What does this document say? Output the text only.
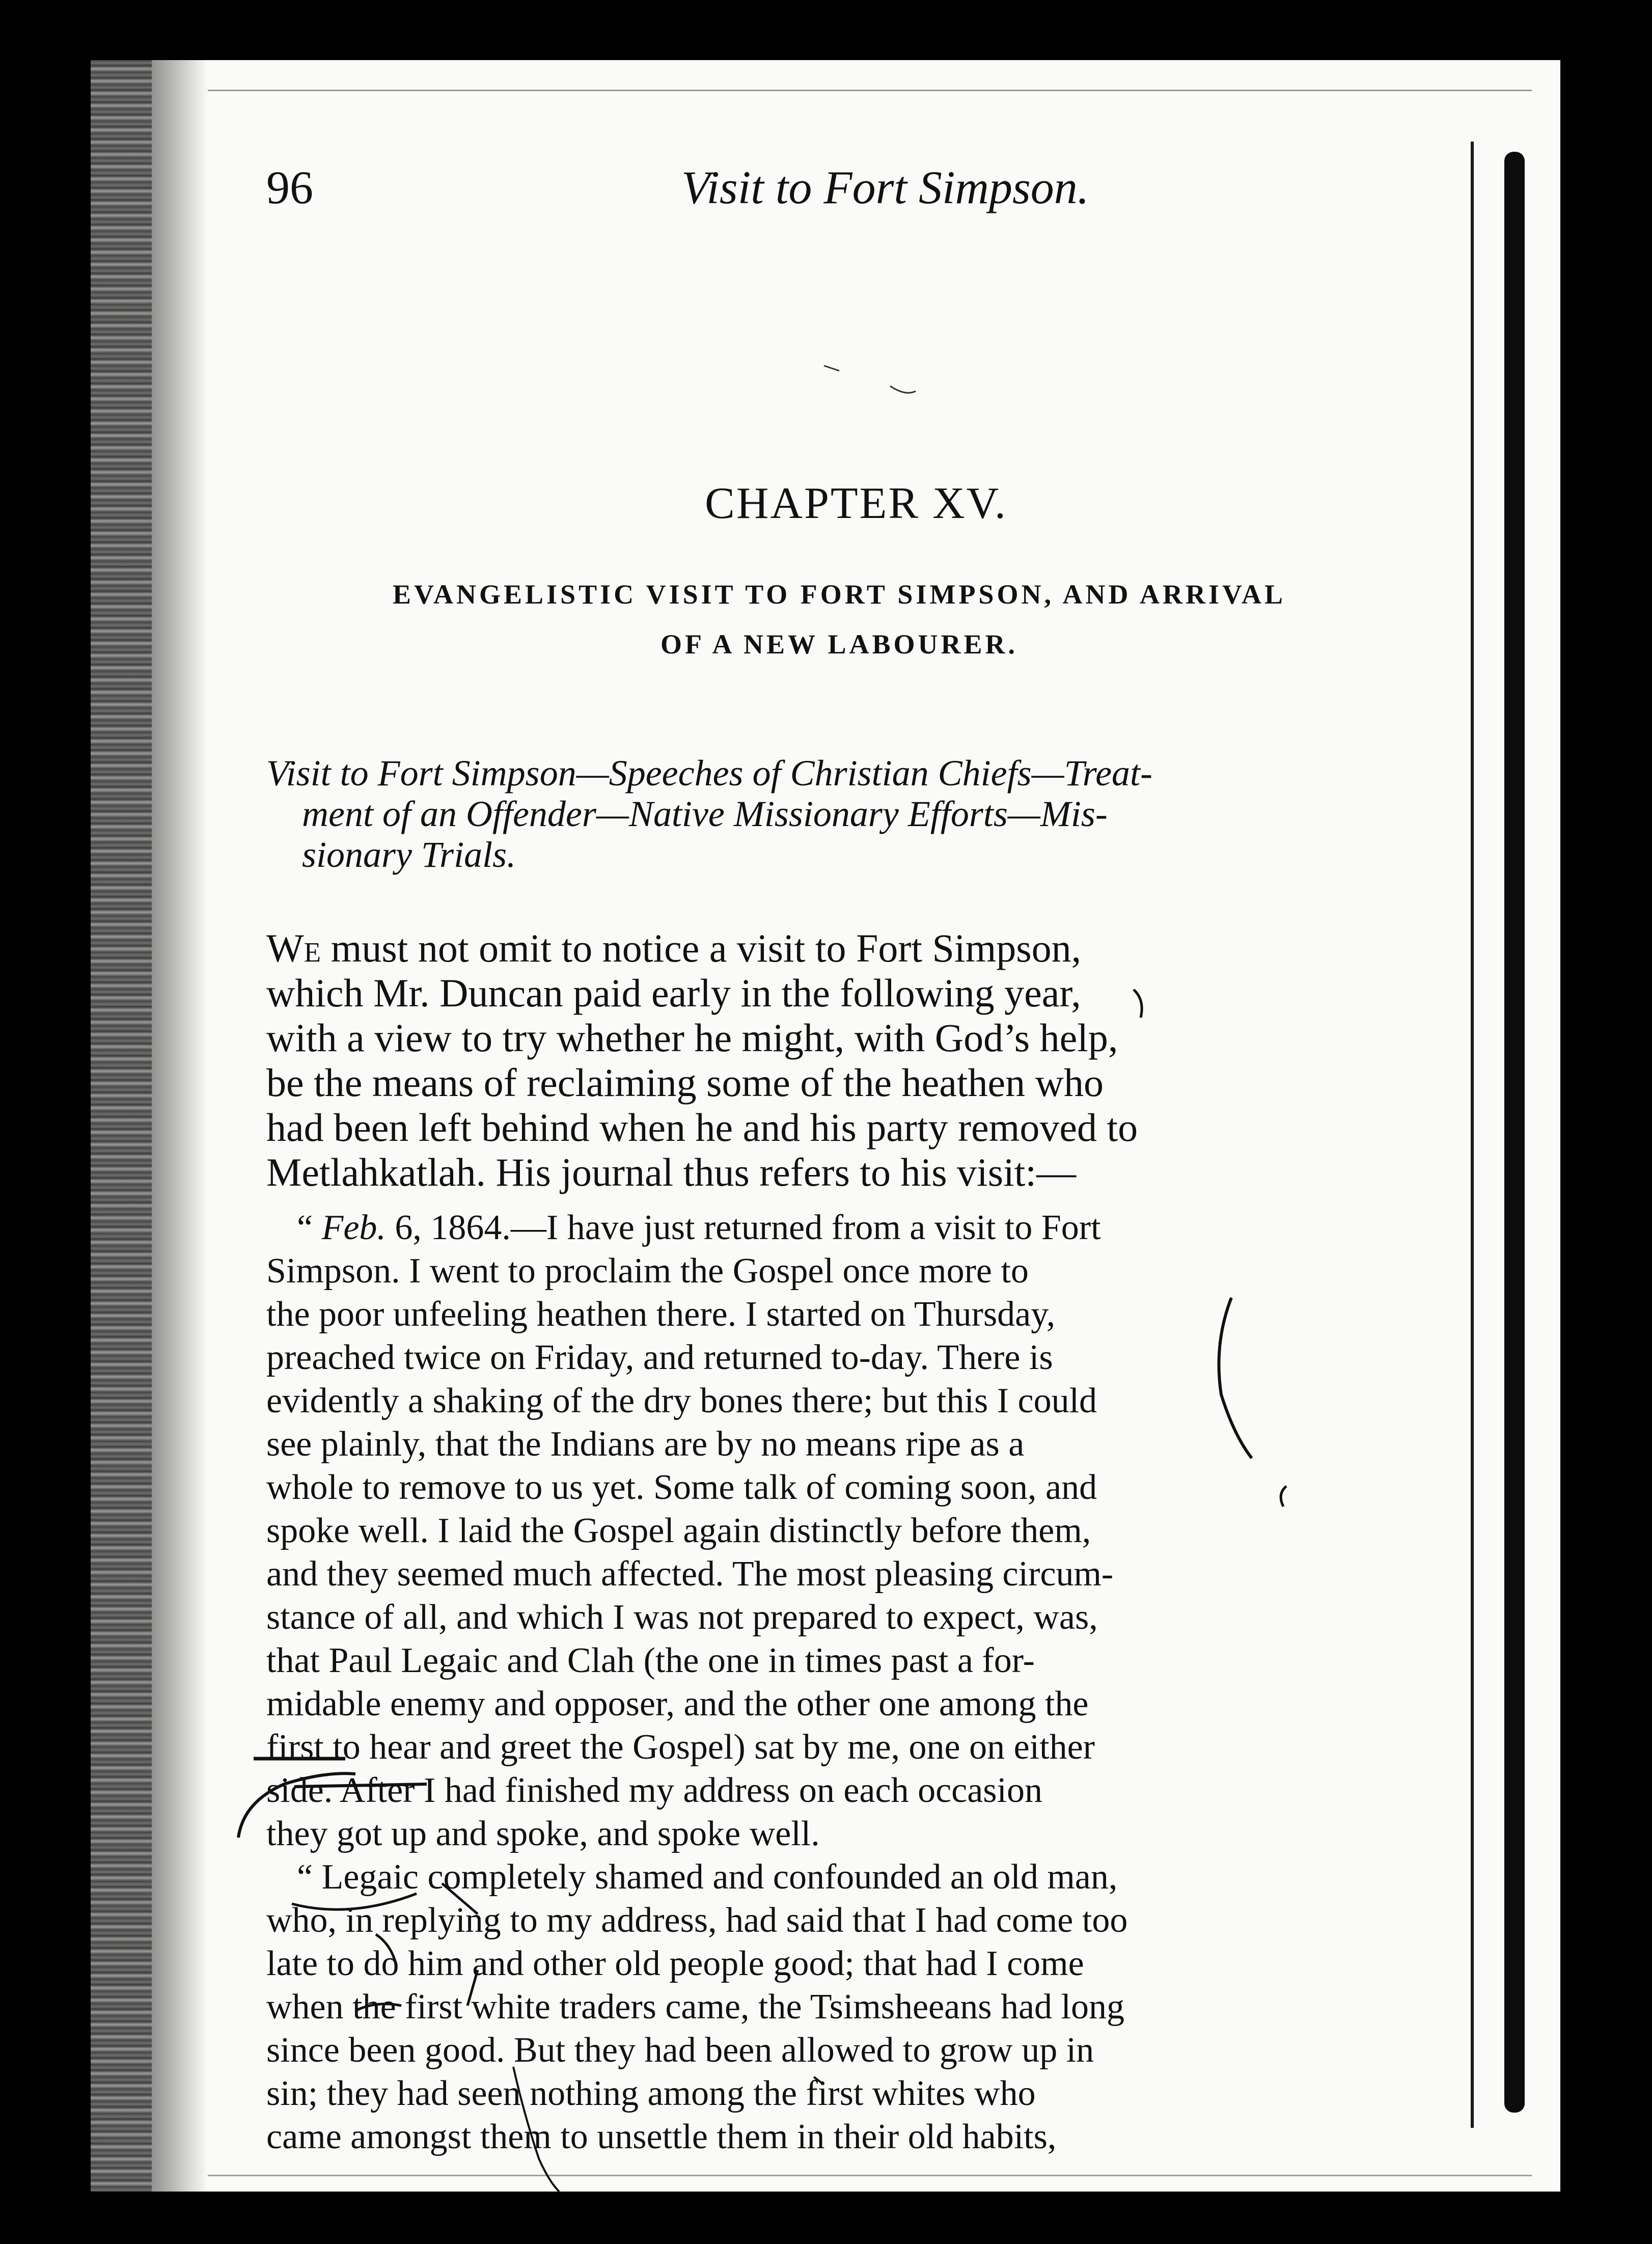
96	Visit to Fort Simpson.
CHAPTER XV.
EVANGELISTIC VISIT TO FORT SIMPSON, AND ARRIVAL
OF A NEW LABOURER.
Visit to Fort Simpson—Speeches of Christian Chiefs—Treat-
ment of an Offender—Native Missionary Efforts—Mis-
sionary Trials.
We must not omit to notice a visit to Fort Simpson,
which Mr. Duncan paid early in the following year,
with a view to try whether he might, with God’s help,
be the means of reclaiming some of the heathen who
had been left behind when he and his party removed to
Metlahkatlah. His journal thus refers to his visit:—
“ Feb. 6, 1864.—I have just returned from a visit to Fort
Simpson. I went to proclaim the Gospel once more to
the poor unfeeling heathen there. I started on Thursday,
preached twice on Friday, and returned to-day. There is
evidently a shaking of the dry bones there; but this I could
see plainly, that the Indians are by no means ripe as a
whole to remove to us yet. Some talk of coming soon, and
spoke well. I laid the Gospel again distinctly before them,
and they seemed much affected. The most pleasing circum-
stance of all, and which I was not prepared to expect, was,
that Paul Legaic and Clah (the one in times past a for-
midable enemy and opposer, and the other one among the
first to hear and greet the Gospel) sat by me, one on either
side. After I had finished my address on each occasion
they got up and spoke, and spoke well.
“ Legaic completely shamed and confounded an old man,
who, in replying to my address, had said that I had come too
late to do him and other old people good; that had I come
when the first white traders came, the Tsimsheeans had long
since been good. But they had been allowed to grow up in
sin; they had seen nothing among the first whites who
came amongst them to unsettle them in their old habits,
